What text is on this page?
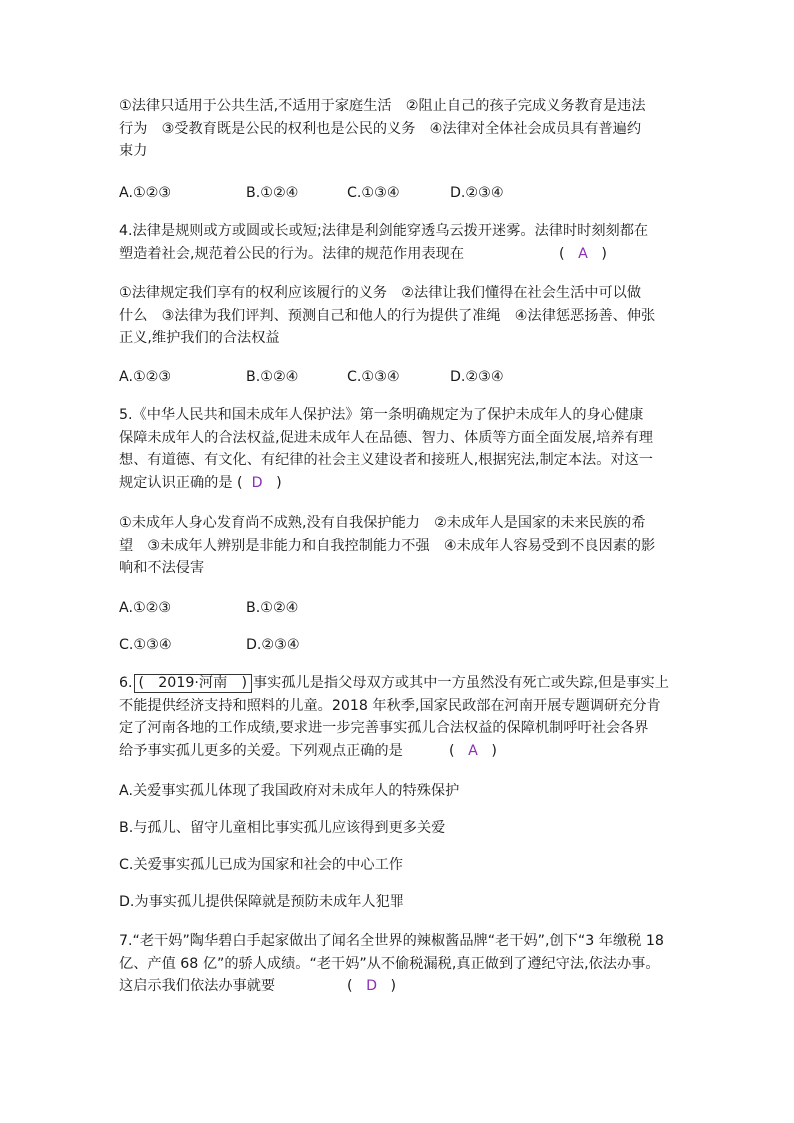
①法律只适用于公共生活,不适用于家庭生活　②阻止自己的孩子完成义务教育是违法
行为　③受教育既是公民的权利也是公民的义务　④法律对全体社会成员具有普遍约
束力
A.①②③	B.①②④	C.①③④	D.②③④
4.法律是规则或方或圆或长或短;法律是利剑能穿透乌云拨开迷雾。法律时时刻刻都在
塑造着社会,规范着公民的行为。法律的规范作用表现在	( A )
①法律规定我们享有的权利应该履行的义务　②法律让我们懂得在社会生活中可以做
什么　③法律为我们评判、预测自己和他人的行为提供了准绳　④法律惩恶扬善、伸张
正义,维护我们的合法权益
A.①②③	B.①②④	C.①③④	D.②③④
5.《中华人民共和国未成年人保护法》第一条明确规定为了保护未成年人的身心健康
保障未成年人的合法权益,促进未成年人在品德、智力、体质等方面全面发展,培养有理
想、有道德、有文化、有纪律的社会主义建设者和接班人,根据宪法,制定本法。对这一
规定认识正确的是 ( D )
①未成年人身心发育尚不成熟,没有自我保护能力　②未成年人是国家的未来民族的希
望　③未成年人辨别是非能力和自我控制能力不强　④未成年人容易受到不良因素的影
响和不法侵害
A.①②③	B.①②④
C.①③④	D.②③④
6. (　2019·河南　) 事实孤儿是指父母双方或其中一方虽然没有死亡或失踪,但是事实上
不能提供经济支持和照料的儿童。2018 年秋季,国家民政部在河南开展专题调研充分肯
定了河南各地的工作成绩,要求进一步完善事实孤儿合法权益的保障机制呼吁社会各界
给予事实孤儿更多的关爱。下列观点正确的是	( A )
A.关爱事实孤儿体现了我国政府对未成年人的特殊保护
B.与孤儿、留守儿童相比事实孤儿应该得到更多关爱
C.关爱事实孤儿已成为国家和社会的中心工作
D.为事实孤儿提供保障就是预防未成年人犯罪
7.“老干妈”陶华碧白手起家做出了闻名全世界的辣椒酱品牌“老干妈”,创下“3 年缴税 18
亿、产值 68 亿”的骄人成绩。“老干妈”从不偷税漏税,真正做到了遵纪守法,依法办事。
这启示我们依法办事就要	( D )
